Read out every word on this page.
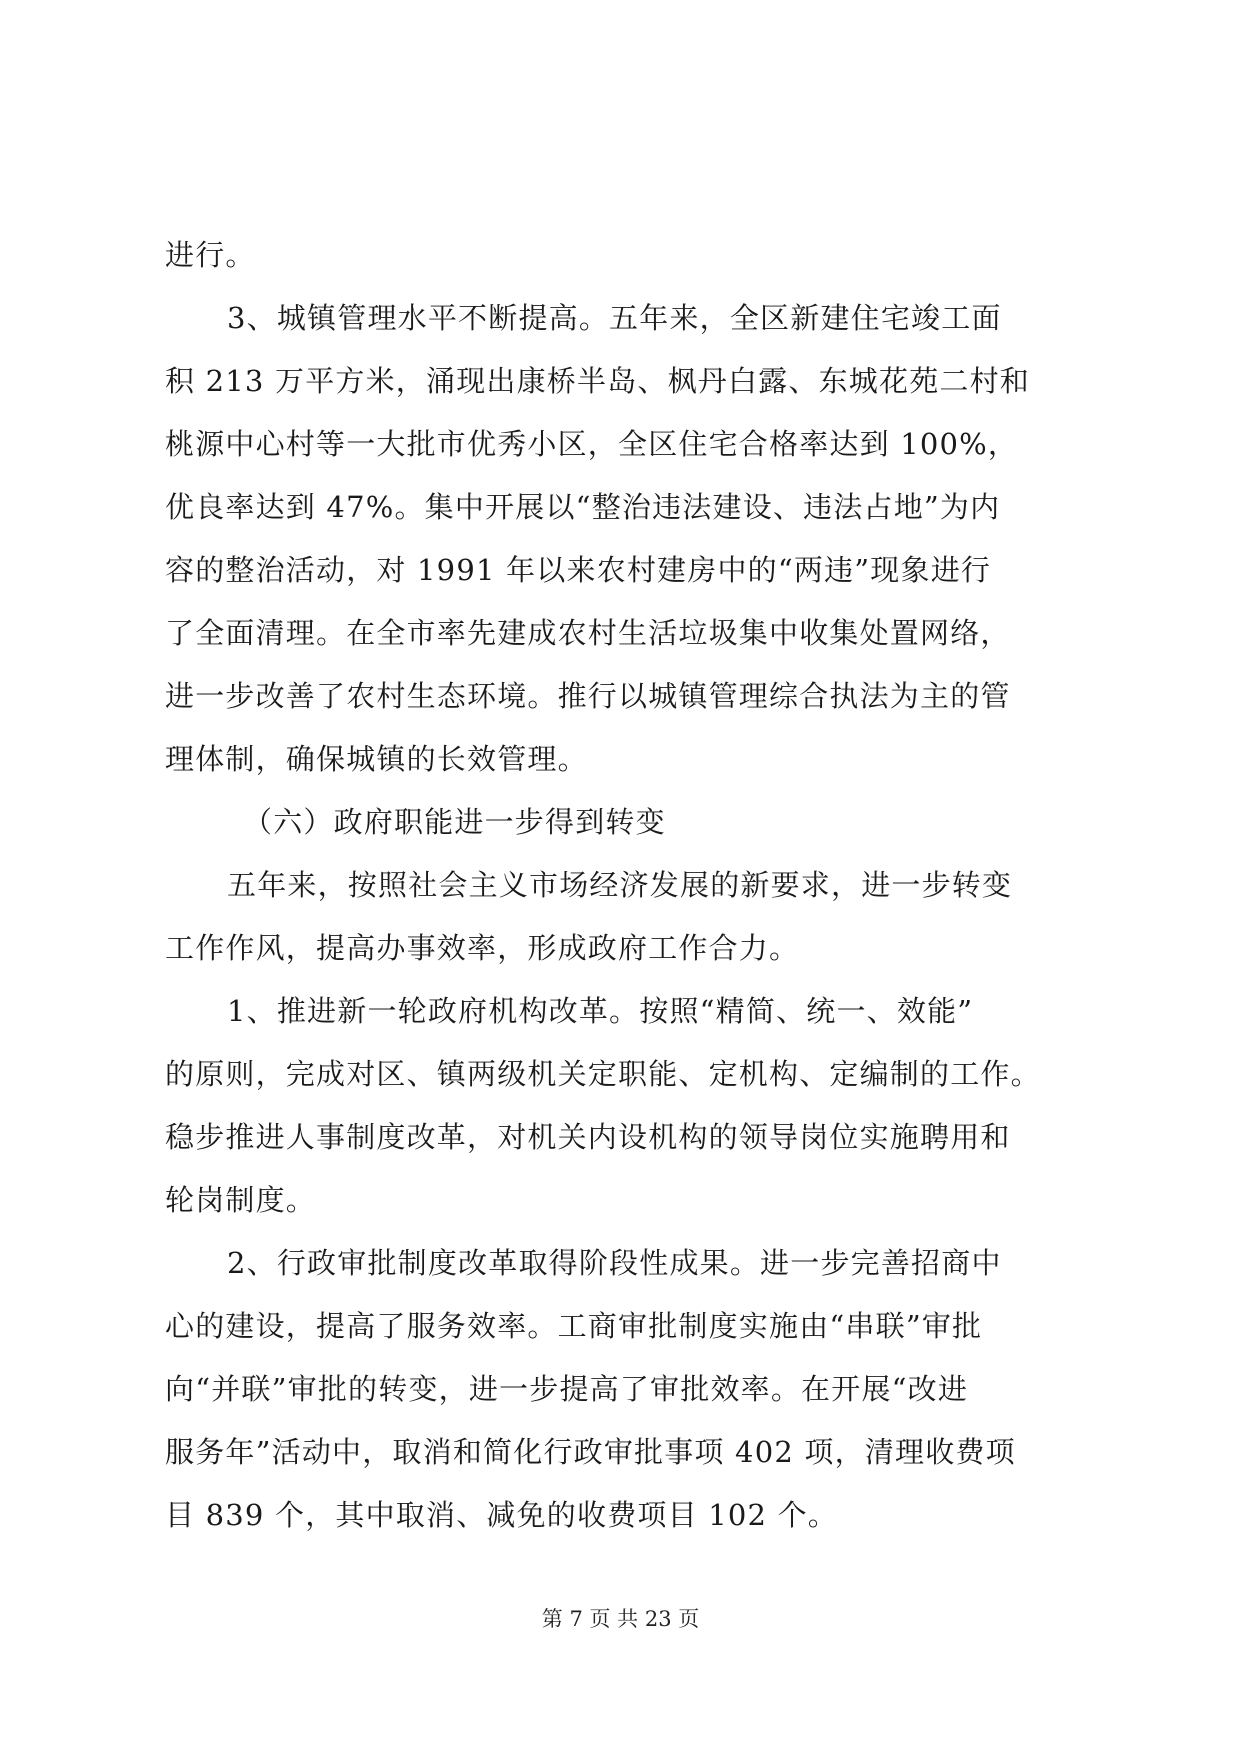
进行。
3、城镇管理水平不断提高。五年来，全区新建住宅竣工面
积 213 万平方米，涌现出康桥半岛、枫丹白露、东城花苑二村和
桃源中心村等一大批市优秀小区，全区住宅合格率达到 100%，
优良率达到 47%。集中开展以“整治违法建设、违法占地”为内
容的整治活动，对 1991 年以来农村建房中的“两违”现象进行
了全面清理。在全市率先建成农村生活垃圾集中收集处置网络，
进一步改善了农村生态环境。推行以城镇管理综合执法为主的管
理体制，确保城镇的长效管理。
（六）政府职能进一步得到转变
五年来，按照社会主义市场经济发展的新要求，进一步转变
工作作风，提高办事效率，形成政府工作合力。
1、推进新一轮政府机构改革。按照“精简、统一、效能”
的原则，完成对区、镇两级机关定职能、定机构、定编制的工作。
稳步推进人事制度改革，对机关内设机构的领导岗位实施聘用和
轮岗制度。
2、行政审批制度改革取得阶段性成果。进一步完善招商中
心的建设，提高了服务效率。工商审批制度实施由“串联”审批
向“并联”审批的转变，进一步提高了审批效率。在开展“改进
服务年”活动中，取消和简化行政审批事项 402 项，清理收费项
目 839 个，其中取消、减免的收费项目 102 个。
第 7 页 共 23 页
